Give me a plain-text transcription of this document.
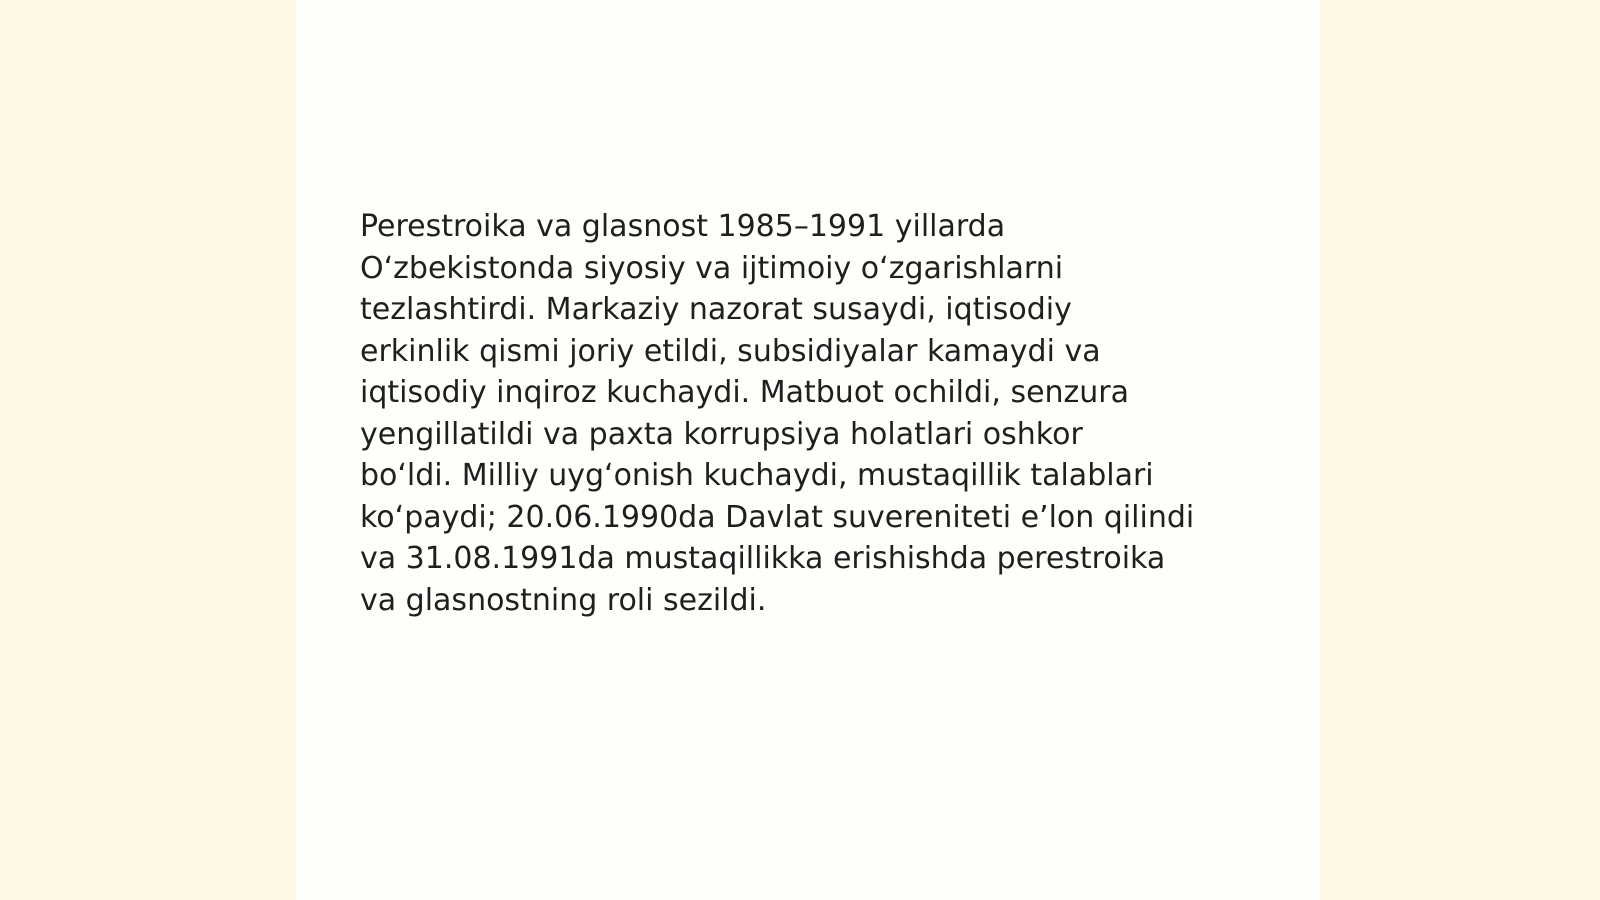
Perestroika va glasnost 1985–1991 yillarda
O‘zbekistonda siyosiy va ijtimoiy o‘zgarishlarni
tezlashtirdi. Markaziy nazorat susaydi, iqtisodiy
erkinlik qismi joriy etildi, subsidiyalar kamaydi va
iqtisodiy inqiroz kuchaydi. Matbuot ochildi, senzura
yengillatildi va paxta korrupsiya holatlari oshkor
bo‘ldi. Milliy uyg‘onish kuchaydi, mustaqillik talablari
ko‘paydi; 20.06.1990da Davlat suvereniteti e’lon qilindi
va 31.08.1991da mustaqillikka erishishda perestroika
va glasnostning roli sezildi.
